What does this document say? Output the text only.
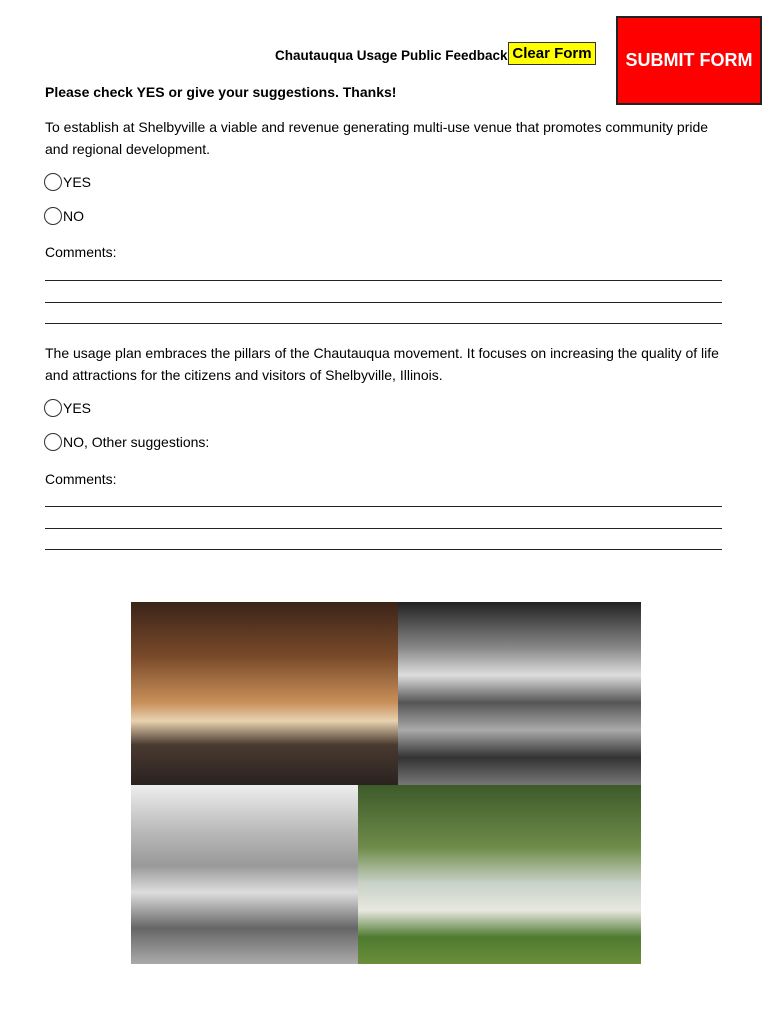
Chautauqua Usage Public Feedback Clear Form	SUBMIT FORM
Please check YES or give your suggestions. Thanks!
To establish at Shelbyville a viable and revenue generating multi-use venue that promotes community pride and regional development.
YES
NO
Comments:
The usage plan embraces the pillars of the Chautauqua movement. It focuses on increasing the quality of life and attractions for the citizens and visitors of Shelbyville, Illinois.
YES
NO, Other suggestions:
Comments:
